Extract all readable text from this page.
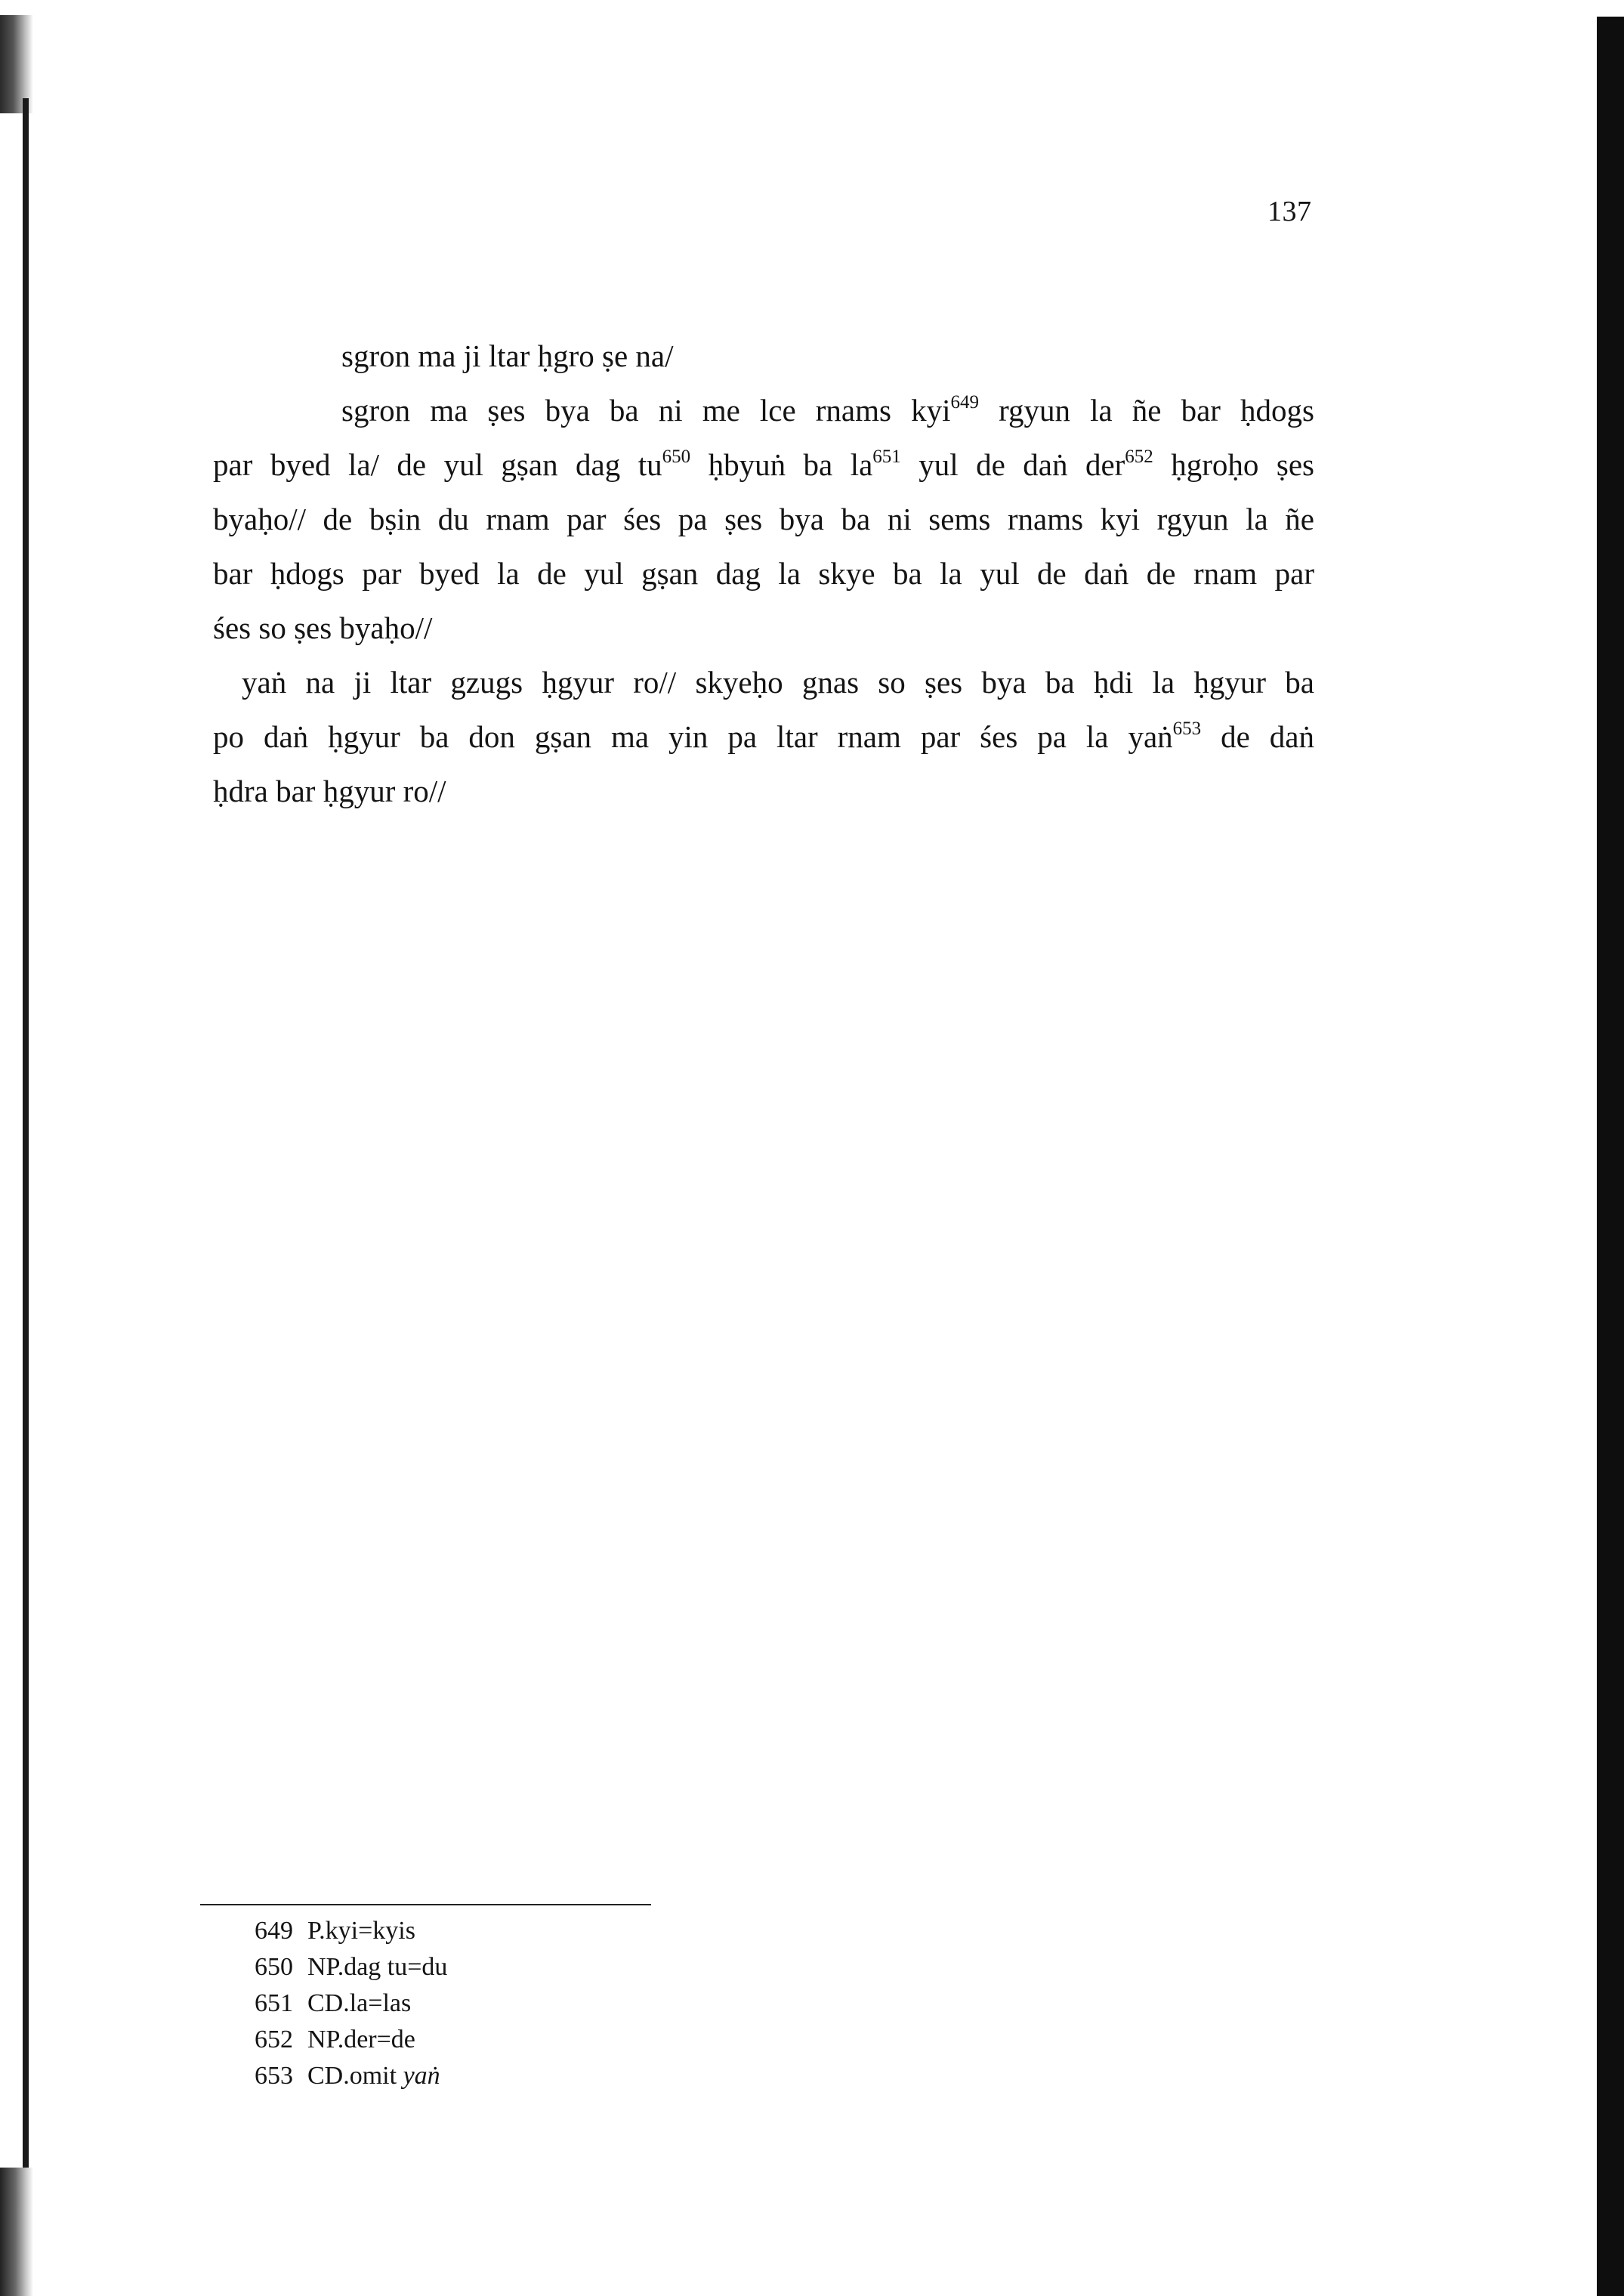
137
sgron ma ji ltar ḥgro ṣe na/
sgron ma ṣes bya ba ni me lce rnams kyi$^{649}$ rgyun la ñe bar ḥdogs
par byed la/ de yul gṣan dag $tu^{650}$ ḥbyuṅ ba $la^{651}$ yul de daṅ der$^{652}$ ḥgroḥo ṣes
byaḥo// de bṣin du rnam par śes pa ṣes bya ba ni sems rnams kyi rgyun la ñe
bar ḥdogs par byed la de yul gṣan dag la skye ba la yul de daṅ de rnam par
śes so ṣes byaḥo//
yaṅ na ji ltar gzugs ḥgyur ro// skyeḥo gnas so ṣes bya ba ḥdi la ḥgyur ba
po daṅ ḥgyur ba don gṣan ma yin pa ltar rnam par śes pa la yaṅ$^{653}$ de daṅ
ḥdra bar ḥgyur ro//
649 P.kyi=kyis
650 NP.dag tu=du
651 CD.la=las
652 NP.der=de
653 CD.omit yaṅ
